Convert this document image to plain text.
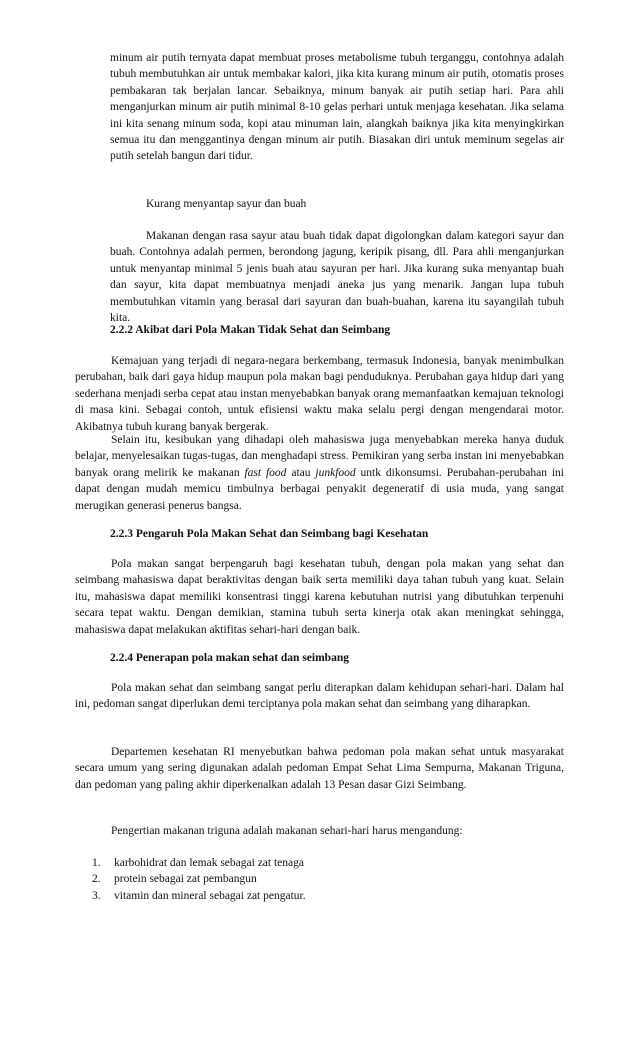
minum air putih ternyata dapat membuat proses metabolisme tubuh terganggu, contohnya adalah tubuh membutuhkan air untuk membakar kalori, jika kita kurang minum air putih, otomatis proses pembakaran tak berjalan lancar. Sebaiknya, minum banyak air putih setiap hari. Para ahli menganjurkan minum air putih minimal 8-10 gelas perhari untuk menjaga kesehatan. Jika selama ini kita senang minum soda, kopi atau minuman lain, alangkah baiknya jika kita menyingkirkan semua itu dan menggantinya dengan minum air putih. Biasakan diri untuk meminum segelas air putih setelah bangun dari tidur.

Kurang menyantap sayur dan buah

Makanan dengan rasa sayur atau buah tidak dapat digolongkan dalam kategori sayur dan buah. Contohnya adalah permen, berondong jagung, keripik pisang, dll. Para ahli menganjurkan untuk menyantap minimal 5 jenis buah atau sayuran per hari. Jika kurang suka menyantap buah dan sayur, kita dapat membuatnya menjadi aneka jus yang menarik. Jangan lupa tubuh membutuhkan vitamin yang berasal dari sayuran dan buah-buahan, karena itu sayangilah tubuh kita.

2.2.2 Akibat dari Pola Makan Tidak Sehat dan Seimbang

Kemajuan yang terjadi di negara-negara berkembang, termasuk Indonesia, banyak menimbulkan perubahan, baik dari gaya hidup maupun pola makan bagi penduduknya. Perubahan gaya hidup dari yang sederhana menjadi serba cepat atau instan menyebabkan banyak orang memanfaatkan kemajuan teknologi di masa kini. Sebagai contoh, untuk efisiensi waktu maka selalu pergi dengan mengendarai motor. Akibatnya tubuh kurang banyak bergerak.

Selain itu, kesibukan yang dihadapi oleh mahasiswa juga menyebabkan mereka hanya duduk belajar, menyelesaikan tugas-tugas, dan menghadapi stress. Pemikiran yang serba instan ini menyebabkan banyak orang melirik ke makanan fast food atau junkfood untk dikonsumsi. Perubahan-perubahan ini dapat dengan mudah memicu timbulnya berbagai penyakit degeneratif di usia muda, yang sangat merugikan generasi penerus bangsa.

2.2.3 Pengaruh Pola Makan Sehat dan Seimbang bagi Kesehatan

Pola makan sangat berpengaruh bagi kesehatan tubuh, dengan pola makan yang sehat dan seimbang mahasiswa dapat beraktivitas dengan baik serta memiliki daya tahan tubuh yang kuat. Selain itu, mahasiswa dapat memiliki konsentrasi tinggi karena kebutuhan nutrisi yang dibutuhkan terpenuhi secara tepat waktu. Dengan demikian, stamina tubuh serta kinerja otak akan meningkat sehingga, mahasiswa dapat melakukan aktifitas sehari-hari dengan baik.

2.2.4 Penerapan pola makan sehat dan seimbang

Pola makan sehat dan seimbang sangat perlu diterapkan dalam kehidupan sehari-hari. Dalam hal ini, pedoman sangat diperlukan demi terciptanya pola makan sehat dan seimbang yang diharapkan.

Departemen kesehatan RI menyebutkan bahwa pedoman pola makan sehat untuk masyarakat secara umum yang sering digunakan adalah pedoman Empat Sehat Lima Sempurna, Makanan Triguna, dan pedoman yang paling akhir diperkenalkan adalah 13 Pesan dasar Gizi Seimbang.

Pengertian makanan triguna adalah makanan sehari-hari harus mengandung:

1. karbohidrat dan lemak sebagai zat tenaga
2. protein sebagai zat pembangun
3. vitamin dan mineral sebagai zat pengatur.
